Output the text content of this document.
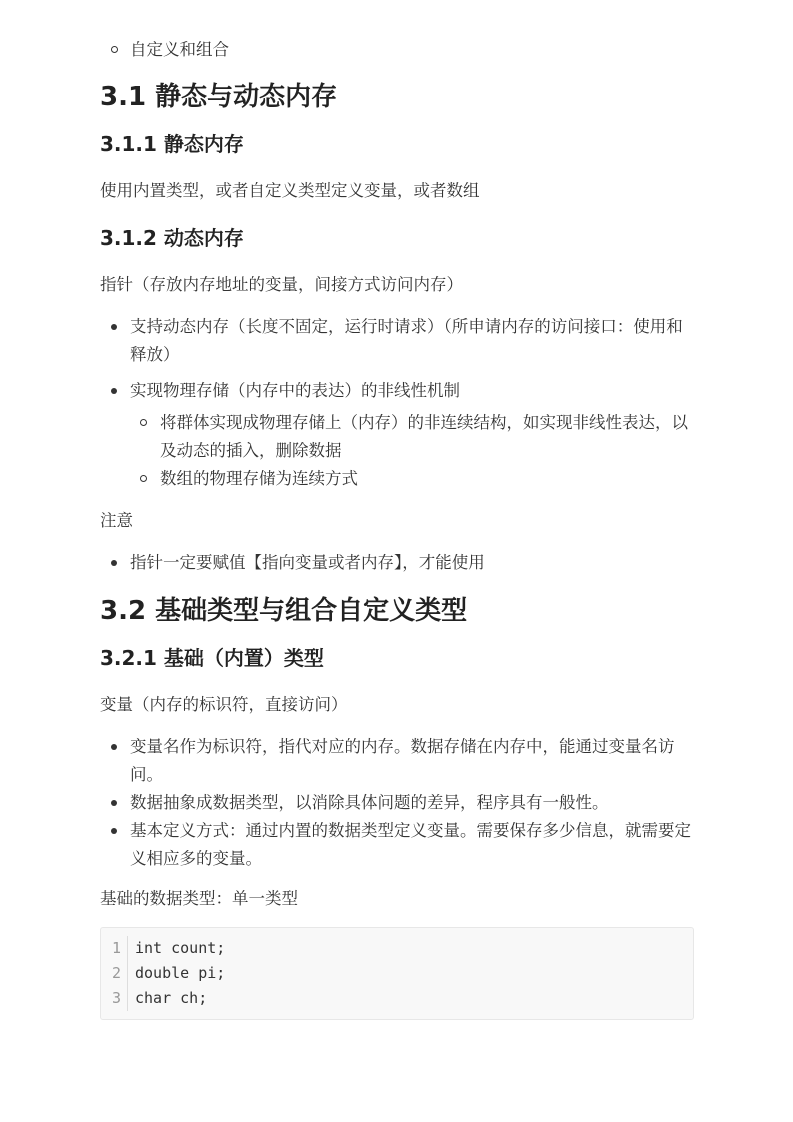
自定义和组合
3.1 静态与动态内存
3.1.1 静态内存

使用内置类型，或者自定义类型定义变量，或者数组

3.1.2 动态内存

指针（存放内存地址的变量，间接方式访问内存）

支持动态内存（长度不固定，运行时请求）（所申请内存的访问接口：使用和释放）
实现物理存储（内存中的表达）的非线性机制
将群体实现成物理存储上（内存）的非连续结构，如实现非线性表达，以及动态的插入，删除数据
数组的物理存储为连续方式

注意

指针一定要赋值【指向变量或者内存】，才能使用
3.2 基础类型与组合自定义类型
3.2.1 基础（内置）类型

变量（内存的标识符，直接访问）

变量名作为标识符，指代对应的内存。数据存储在内存中，能通过变量名访问。
数据抽象成数据类型，以消除具体问题的差异，程序具有一般性。
基本定义方式：通过内置的数据类型定义变量。需要保存多少信息，就需要定义相应多的变量。

基础的数据类型：单一类型

1 int count;
2 double pi;
3 char ch;
